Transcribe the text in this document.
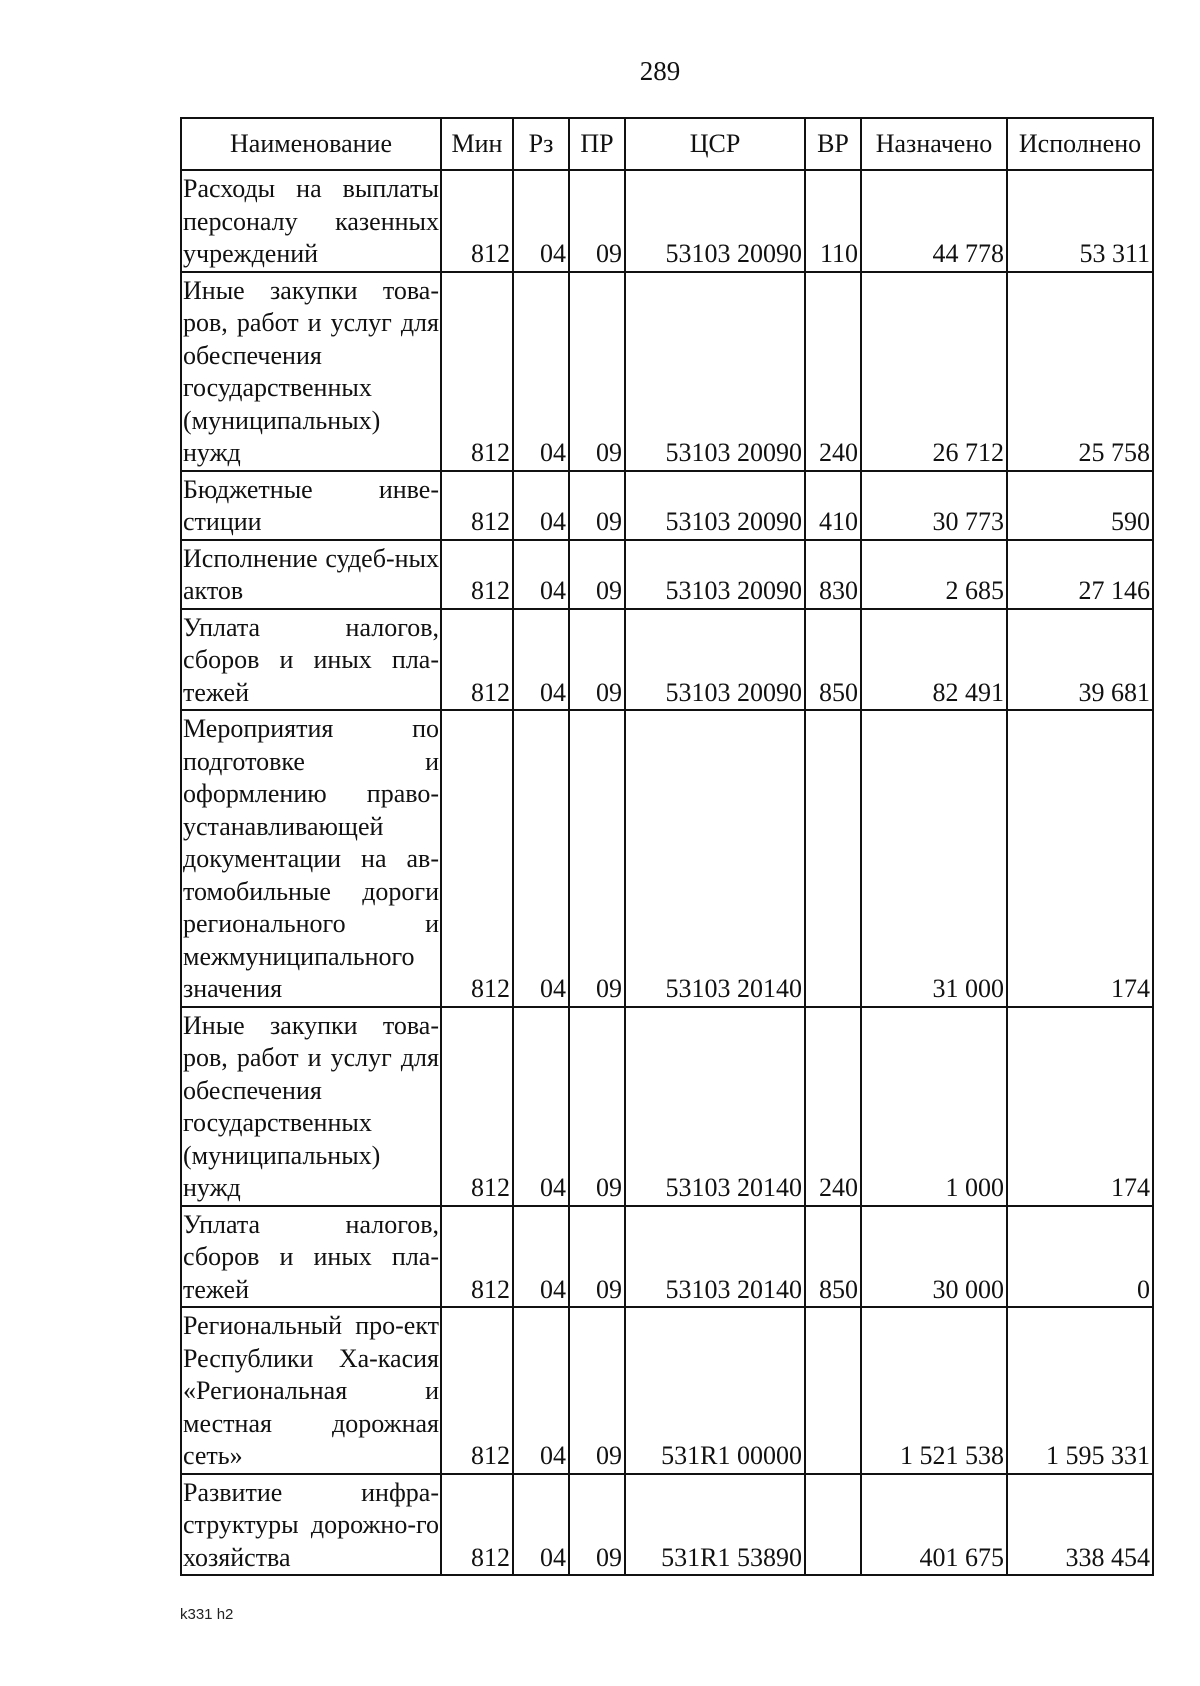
289
Наименование	Мин	Рз	ПР	ЦСР	ВР	Назначено	Исполнено
Расходы на выплаты персоналу казенных учреждений	812	04	09	53103 20090	110	44 778	53 311
Иные закупки това-ров, работ и услуг для обеспечения государственных (муниципальных) нужд	812	04	09	53103 20090	240	26 712	25 758
Бюджетные инве-стиции	812	04	09	53103 20090	410	30 773	590
Исполнение судеб-ных актов	812	04	09	53103 20090	830	2 685	27 146
Уплата налогов, сборов и иных пла-тежей	812	04	09	53103 20090	850	82 491	39 681
Мероприятия по подготовке и оформлению право-устанавливающей документации на ав-томобильные дороги регионального и межмуниципального значения	812	04	09	53103 20140		31 000	174
Иные закупки това-ров, работ и услуг для обеспечения государственных (муниципальных) нужд	812	04	09	53103 20140	240	1 000	174
Уплата налогов, сборов и иных пла-тежей	812	04	09	53103 20140	850	30 000	0
Региональный про-ект Республики Ха-касия «Региональная и местная дорожная сеть»	812	04	09	531R1 00000		1 521 538	1 595 331
Развитие инфра-структуры дорожно-го хозяйства	812	04	09	531R1 53890		401 675	338 454
k331 h2
